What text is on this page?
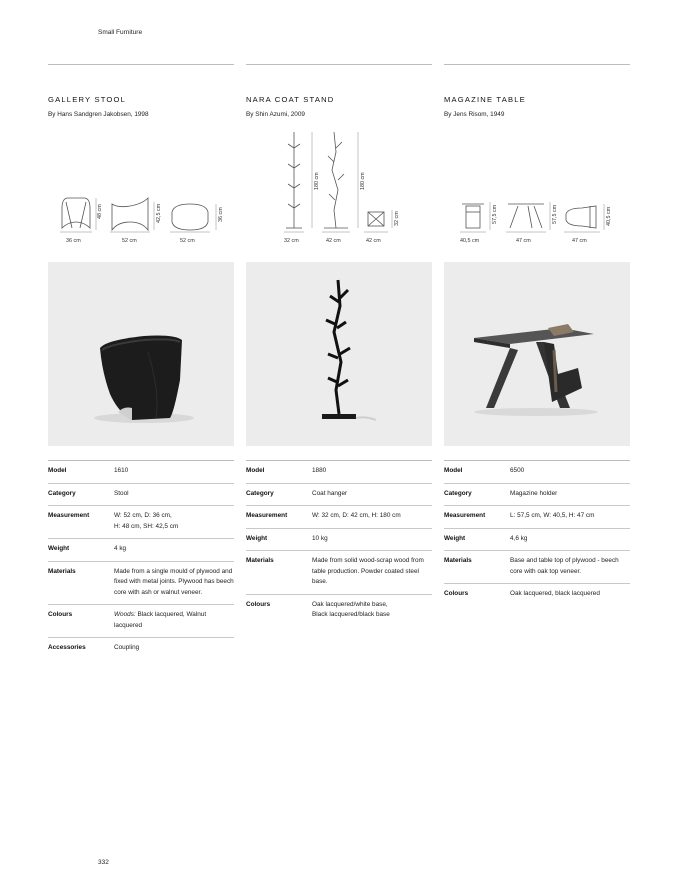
Small Furniture
GALLERY STOOL
By Hans Sandgren Jakobsen, 1998
48 cm
36 cm
42,5 cm
52 cm
36 cm
52 cm
Model	1610
Category	Stool
Measurement	W: 52 cm, D: 36 cm,
H: 48 cm, SH: 42,5 cm
Weight	4 kg
Materials	Made from a single mould of plywood and fixed with metal joints. Plywood has beech core with ash or walnut veneer.
Colours	Woods: Black lacquered, Walnut lacquered
Accessories	Coupling
NARA COAT STAND
By Shin Azumi, 2009
180 cm
32 cm
180 cm
42 cm
32 cm
42 cm
Model	1880
Category	Coat hanger
Measurement	W: 32 cm, D: 42 cm, H: 180 cm
Weight	10 kg
Materials	Made from solid wood-scrap wood from table production. Powder coated steel base.
Colours	Oak lacquered/white base,
Black lacquered/black base
MAGAZINE TABLE
By Jens Risom, 1949
57,5 cm
40,5 cm
57,5 cm
47 cm
40,5 cm
47 cm
Model	6500
Category	Magazine holder
Measurement	L: 57,5 cm, W: 40,5, H: 47 cm
Weight	4,6 kg
Materials	Base and table top of plywood - beech core with oak top veneer.
Colours	Oak lacquered, black lacquered
332
